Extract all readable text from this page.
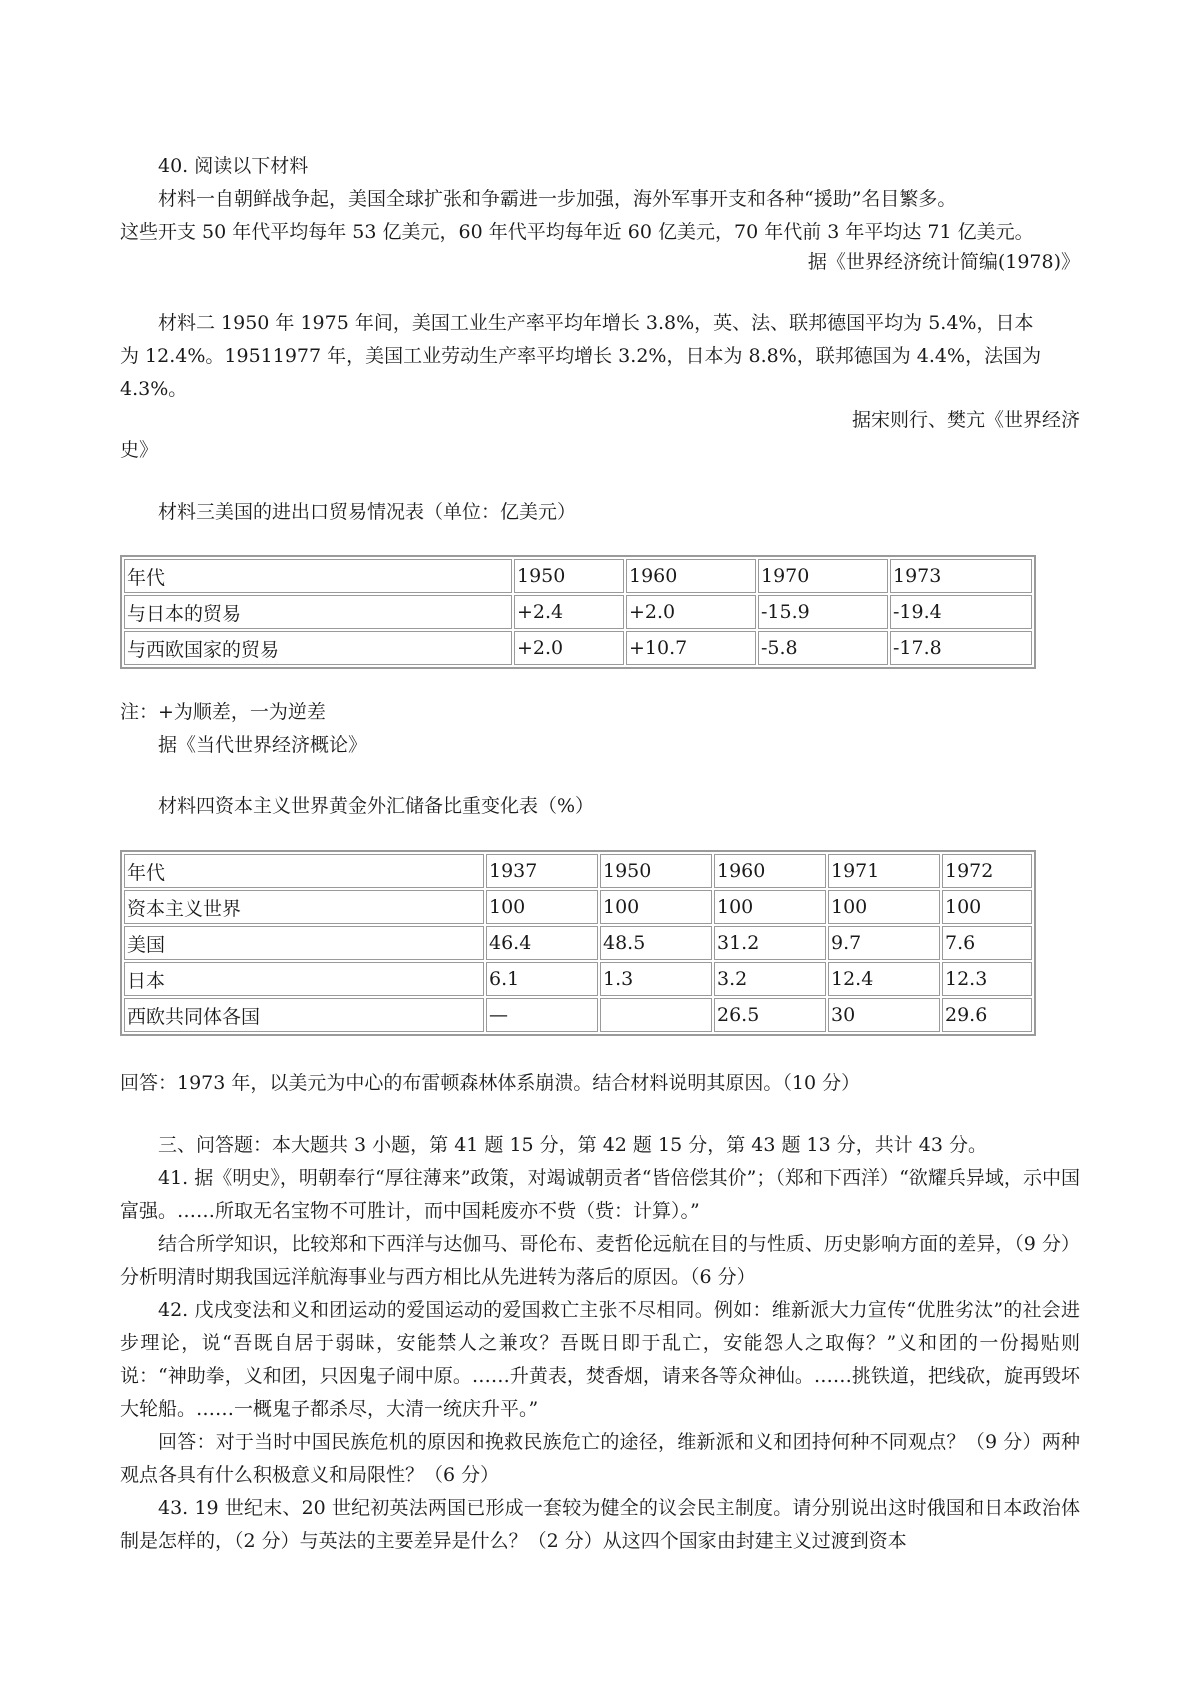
40. 阅读以下材料

材料一自朝鲜战争起，美国全球扩张和争霸进一步加强，海外军事开支和各种“援助”名目繁多。

这些开支 50 年代平均每年 53 亿美元，60 年代平均每年近 60 亿美元，70 年代前 3 年平均达 71 亿美元。

据《世界经济统计简编(1978)》

材料二 1950 年 1975 年间，美国工业生产率平均年增长 3.8%，英、法、联邦德国平均为 5.4%，日本

为 12.4%。19511977 年，美国工业劳动生产率平均增长 3.2%，日本为 8.8%，联邦德国为 4.4%，法国为

4.3%。

据宋则行、樊亢《世界经济

史》

材料三美国的进出口贸易情况表（单位：亿美元）

年代	1950	1960	1970	1973
与日本的贸易	+2.4	+2.0	-15.9	-19.4
与西欧国家的贸易	+2.0	+10.7	-5.8	-17.8

注：+为顺差，一为逆差

据《当代世界经济概论》

材料四资本主义世界黄金外汇储备比重变化表（%）

年代	1937	1950	1960	1971	1972
资本主义世界	100	100	100	100	100
美国	46.4	48.5	31.2	9.7	7.6
日本	6.1	1.3	3.2	12.4	12.3
西欧共同体各国	—		26.5	30	29.6

回答：1973 年，以美元为中心的布雷顿森林体系崩溃。结合材料说明其原因。（10 分）

三、问答题：本大题共 3 小题，第 41 题 15 分，第 42 题 15 分，第 43 题 13 分，共计 43 分。

41. 据《明史》，明朝奉行“厚往薄来”政策，对竭诚朝贡者“皆倍偿其价”；（郑和下西洋）“欲耀兵异域，示中国富强。……所取无名宝物不可胜计，而中国耗废亦不赀（赀：计算）。”

结合所学知识，比较郑和下西洋与达伽马、哥伦布、麦哲伦远航在目的与性质、历史影响方面的差异，（9 分）分析明清时期我国远洋航海事业与西方相比从先进转为落后的原因。（6 分）

42. 戊戌变法和义和团运动的爱国运动的爱国救亡主张不尽相同。例如：维新派大力宣传“优胜劣汰”的社会进步理论，说“吾既自居于弱昧，安能禁人之兼攻？吾既日即于乱亡，安能怨人之取侮？”义和团的一份揭贴则说：“神助拳，义和团，只因鬼子闹中原。……升黄表，焚香烟，请来各等众神仙。……挑铁道，把线砍，旋再毁坏大轮船。……一概鬼子都杀尽，大清一统庆升平。”

回答：对于当时中国民族危机的原因和挽救民族危亡的途径，维新派和义和团持何种不同观点？（9 分）两种观点各具有什么积极意义和局限性？（6 分）

43. 19 世纪末、20 世纪初英法两国已形成一套较为健全的议会民主制度。请分别说出这时俄国和日本政治体制是怎样的，（2 分）与英法的主要差异是什么？（2 分）从这四个国家由封建主义过渡到资本
